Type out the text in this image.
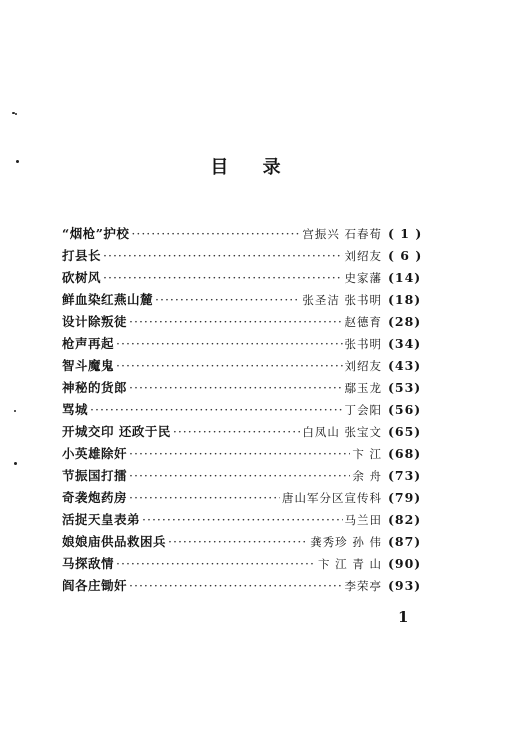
目 录
“烟枪”护校 ·····	宫振兴 石春荀 ( 1 )
打县长 ·····	刘绍友 ( 6 )
砍树风 ·····	史家藩 (14)
鲜血染红燕山麓 ·····	张圣洁 张书明 (18)
设计除叛徒 ·····	赵德育 (28)
枪声再起 ·····	张书明 (34)
智斗魔鬼 ·····	刘绍友 (43)
神秘的货郎 ·····	鄢玉龙 (53)
骂城 ·····	丁会阳 (56)
开城交印 还政于民 ·····	白凤山 张宝文 (65)
小英雄除奸 ·····	卞 江 (68)
节振国打擂 ·····	余 舟 (73)
奇袭炮药房 ·····	唐山军分区宣传科 (79)
活捉天皇表弟 ·····	马兰田 (82)
娘娘庙供品救困兵 ·····	龚秀珍 孙 伟 (87)
马探敌情 ·····	卞 江 青 山 (90)
阎各庄锄奸 ·····	李荣亭 (93)
1
